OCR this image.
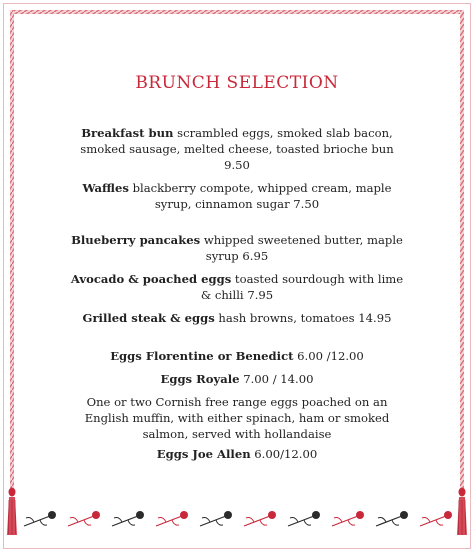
BRUNCH SELECTION
Breakfast bun scrambled eggs, smoked slab bacon, smoked sausage, melted cheese, toasted brioche bun 9.50
Waffles blackberry compote, whipped cream, maple syrup, cinnamon sugar 7.50
Blueberry pancakes whipped sweetened butter, maple syrup 6.95
Avocado & poached eggs toasted sourdough with lime & chilli 7.95
Grilled steak & eggs hash browns, tomatoes 14.95
Eggs Florentine or Benedict 6.00 /12.00
Eggs Royale 7.00 / 14.00
One or two Cornish free range eggs poached on an English muffin, with either spinach, ham or smoked salmon, served with hollandaise
Eggs Joe Allen 6.00/12.00
